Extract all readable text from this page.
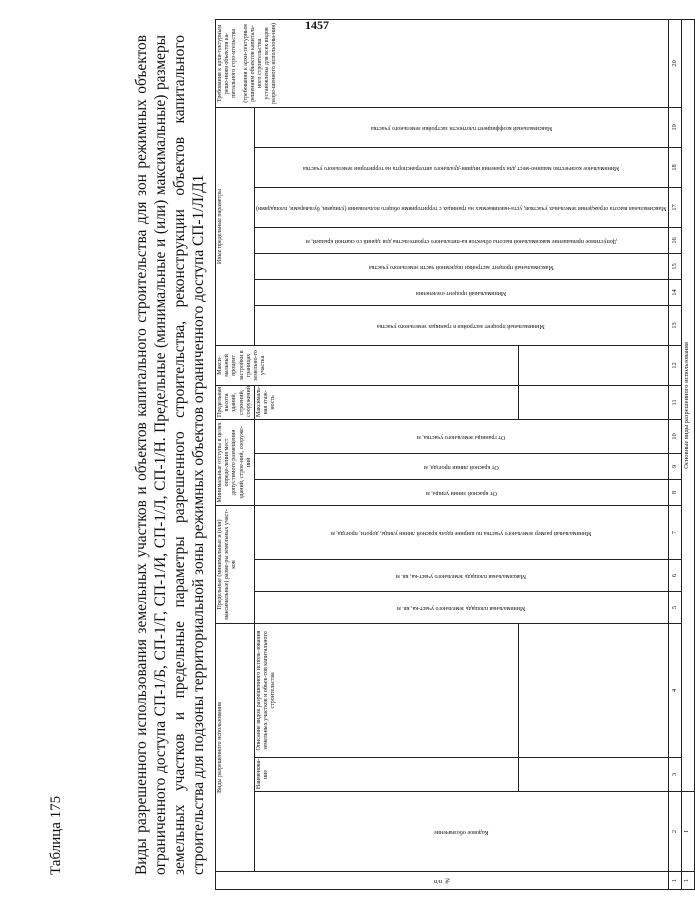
1457
Таблица 175	Виды разрешенного использования земельных участков и объектов капитального строительства для зон режимных объектов ограниченного доступа СП-1/Б, СП-1/Г, СП-1/И, СП-1/Л, СП-1/Н. Предельные (минимальные и (или) максимальные) размеры земельных участков и предельные параметры разрешенного строительства, реконструкции объектов капитального строительства для подзоны территориальной зоны режимных объектов ограниченного доступа СП-1/Л/Д1
№ п/п	Виды разрешенного использования			Предельные (минимальные и (или) максимальные) разме-ры земельных участ-ков			Минимальные отступы в целях опреде-ления мест допустимого размещения зданий, строе-ний, сооруже-ний			Предельная высота зданий, строений, сооружений	Макси-мальный процент застройки в границах земельно-го участка	Иные предельные параметры							Требования к архи-тектурным реше-ниям объектов ка-питального стро-ительства (требования к архи-тектурным решениям объектов капиталь-ного строительства установлены для всех видов разре-шенного использова-ния)

	Кодовое обозначение	Наименова-ние	Описание видов разрешенного исполь-зования земельных участков и объек-тов капитального строительства	Минимальная площадь земельного участ-ка, кв. м	Максимальная площадь земельного участ-ка, кв. м	Минимальный размер земельного участка по ширине вдоль красной линии улицы, дороги, проезда, м	От красной линии улицы, м	От красной линии проезда, м	От границы земельного участка, м	Максималь-ная этаж-ность		Минимальный процент застройки в границах земельного участка	Минимальный процент озеленения	Максимальный процент застройки подземной части земельного участка	Допустимое превышение максимальной высоты объектов ка-питального строительства для зданий со скатной крышей, м	Максимальная высота ограждения земельных участков, уста-навливаемых на границах с территориями общего пользования (улицами, бульварами, площадями)	Минимальное количество машино-мест для хранения индиви-дуального автотранспорта на территории земельного участка	Максимальный коэффициент плотности застройки земельного участка	

1	2	3	4	5	6	7	8	9	10	11	12	13	14	15	16	17	18	19	20
1	I	Основные виды разрешенного использования																	
